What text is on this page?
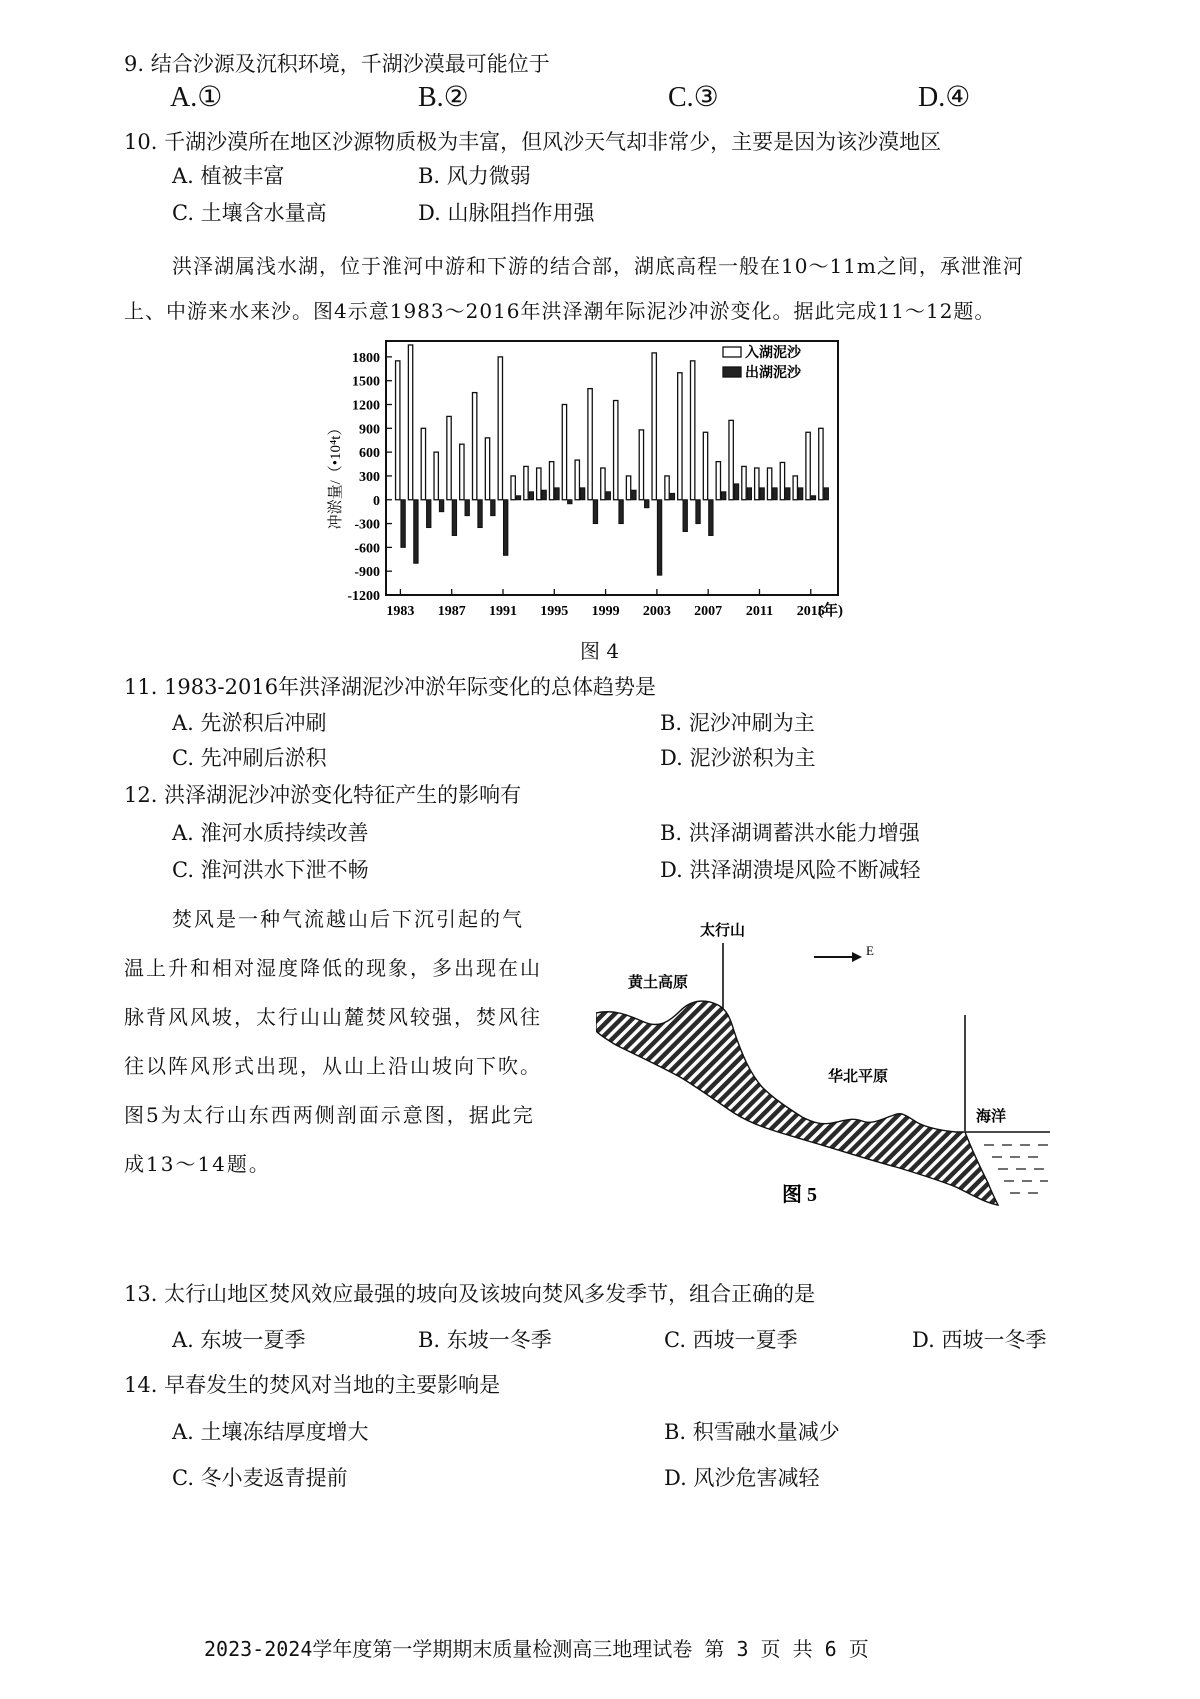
9. 结合沙源及沉积环境，千湖沙漠最可能位于
A.①	B.②	C.③	D.④
10. 千湖沙漠所在地区沙源物质极为丰富，但风沙天气却非常少，主要是因为该沙漠地区
A. 植被丰富	B. 风力微弱
C. 土壤含水量高	D. 山脉阻挡作用强
洪泽湖属浅水湖，位于淮河中游和下游的结合部，湖底高程一般在10～11m之间，承泄淮河
上、中游来水来沙。图4示意1983～2016年洪泽潮年际泥沙冲淤变化。据此完成11～12题。
1800
1500
1200
900
600
300
0
-300
-600
-900
-1200
1983 1987 1991 1995 1999 2003 2007 2011 2015
冲淤量/（•10⁴t）
入湖泥沙
出湖泥沙
(年)
图 4
11. 1983-2016年洪泽湖泥沙冲淤年际变化的总体趋势是
A. 先淤积后冲刷	B. 泥沙冲刷为主
C. 先冲刷后淤积	D. 泥沙淤积为主
12. 洪泽湖泥沙冲淤变化特征产生的影响有
A. 淮河水质持续改善	B. 洪泽湖调蓄洪水能力增强
C. 淮河洪水下泄不畅	D. 洪泽湖溃堤风险不断减轻
焚风是一种气流越山后下沉引起的气
温上升和相对湿度降低的现象，多出现在山
脉背风风坡，太行山山麓焚风较强，焚风往
往以阵风形式出现，从山上沿山坡向下吹。
图5为太行山东西两侧剖面示意图，据此完
成13～14题。
E
太行山
黄土高原
华北平原
海洋
图 5
13. 太行山地区焚风效应最强的坡向及该坡向焚风多发季节，组合正确的是
A. 东坡一夏季	B. 东坡一冬季	C. 西坡一夏季	D. 西坡一冬季
14. 早春发生的焚风对当地的主要影响是
A. 土壤冻结厚度增大	B. 积雪融水量减少
C. 冬小麦返青提前	D. 风沙危害减轻
2023-2024学年度第一学期期末质量检测高三地理试卷 第 3 页 共 6 页
